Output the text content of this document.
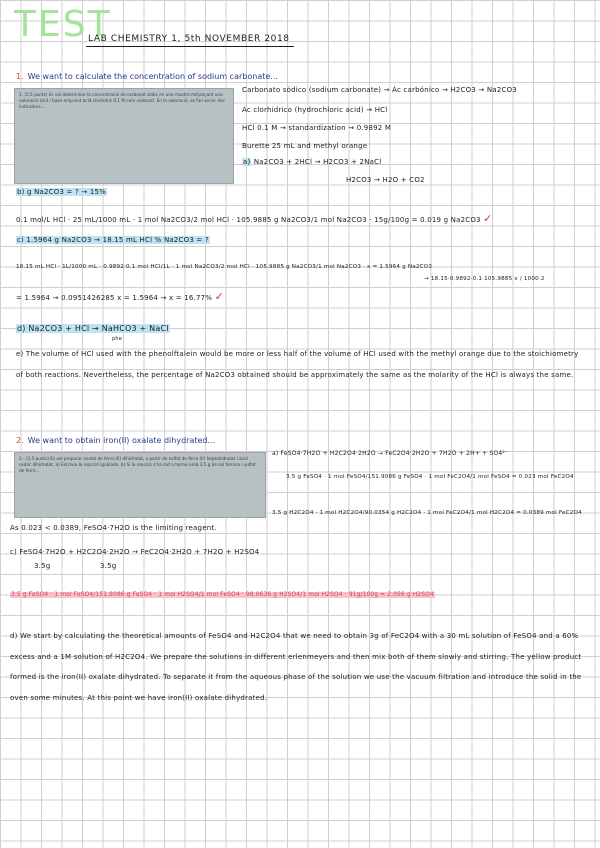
TEST
LAB CHEMISTRY 1, 5th NOVEMBER 2018
1. We want to calculate the concentration of sodium carbonate...

1. (2,5 punts) Es vol determinar la concentració de carbonat sòdic en una mostra mitjançant una valoració àcid / base emprant àcid clorhídric 0,1 M com valorant. En la valoració, es fan servir dos indicadors...

Carbonato sódico (sodium carbonate) → Ác carbónico → H2CO3 → Na2CO3
Ác clorhídrico (hydrochloric acid) → HCl
HCl 0.1 M → standardization → 0.9892 M
Burette 25 mL and methyl orange
a) Na2CO3 + 2HCl → H2CO3 + 2NaCl
H2CO3 → H2O + CO2
b) g Na2CO3 = ? → 15%
0.1 mol/L HCl · 25 mL/1000 mL · 1 mol Na2CO3/2 mol HCl · 105.9885 g Na2CO3/1 mol Na2CO3 · 15g/100g = 0.019 g Na2CO3 ✓
c) 1.5964 g Na2CO3 → 18.15 mL HCl % Na2CO3 = ?
18.15 mL HCl · 1L/1000 mL · 0.9892·0.1 mol HCl/1L · 1 mol Na2CO3/2 mol HCl · 105.9885 g Na2CO3/1 mol Na2CO3 · x = 1.5964 g Na2CO3
→ 18.15·0.9892·0.1·105.9885 x / 1000·2
= 1.5964 → 0.0951426285 x = 1.5964 → x = 16.77% ✓
d) Na2CO3 + HCl → NaHCO3 + NaCl
phe
e) The volume of HCl used with the phenolftalein would be more or less half of the volume of HCl used with the methyl orange due to the stoichiometry of both reactions. Nevertheless, the percentage of Na2CO3 obtained should be approximately the same as the molarity of the HCl is always the same.
2. We want to obtain iron(II) oxalate dihydrated...

2.- (2,5 punts) Es vol preparar oxalat de ferro (II) dihidratat, a partir de sulfat de ferro (II) heptahidratat i àcid oxàlic dihidratat. a) Escriviu la reacció igualada. b) Si la reacció s'ha dut a terme amb 3,5 g de sal ferrosa i sulfat de ferro...

a) FeSO4·7H2O + H2C2O4·2H2O → FeC2O4·2H2O + 7H2O + 2H+ + SO4²⁻
3.5 g FeSO4 · 1 mol FeSO4/151.9086 g FeSO4 · 1 mol FeC2O4/1 mol FeSO4 = 0.023 mol FeC2O4
3.5 g H2C2O4 · 1 mol H2C2O4/90.0354 g H2C2O4 · 1 mol FeC2O4/1 mol H2C2O4 = 0.0389 mol FeC2O4
As 0.023 < 0.0389, FeSO4·7H2O is the limiting reagent.
c) FeSO4·7H2O + H2C2O4·2H2O → FeC2O4·2H2O + 7H2O + H2SO4
3.5g	3.5g
3.5 g FeSO4 · 1 mol FeSO4/151.9086 g FeSO4 · 1 mol H2SO4/1 mol FeSO4 · 98.0636 g H2SO4/1 mol H2SO4 · 91g/100g = 2.056 g H2SO4
d) We start by calculating the theoretical amounts of FeSO4 and H2C2O4 that we need to obtain 3g of FeC2O4 with a 30 mL solution of FeSO4 and a 60% excess and a 1M solution of H2C2O4. We prepare the solutions in different erlenmeyers and then mix both of them slowly and stirring. The yellow product formed is the iron(II) oxalate dihydrated. To separate it from the aqueous phase of the solution we use the vacuum filtration and introduce the solid in the oven some minutes. At this point we have iron(II) oxalate dihydrated.
